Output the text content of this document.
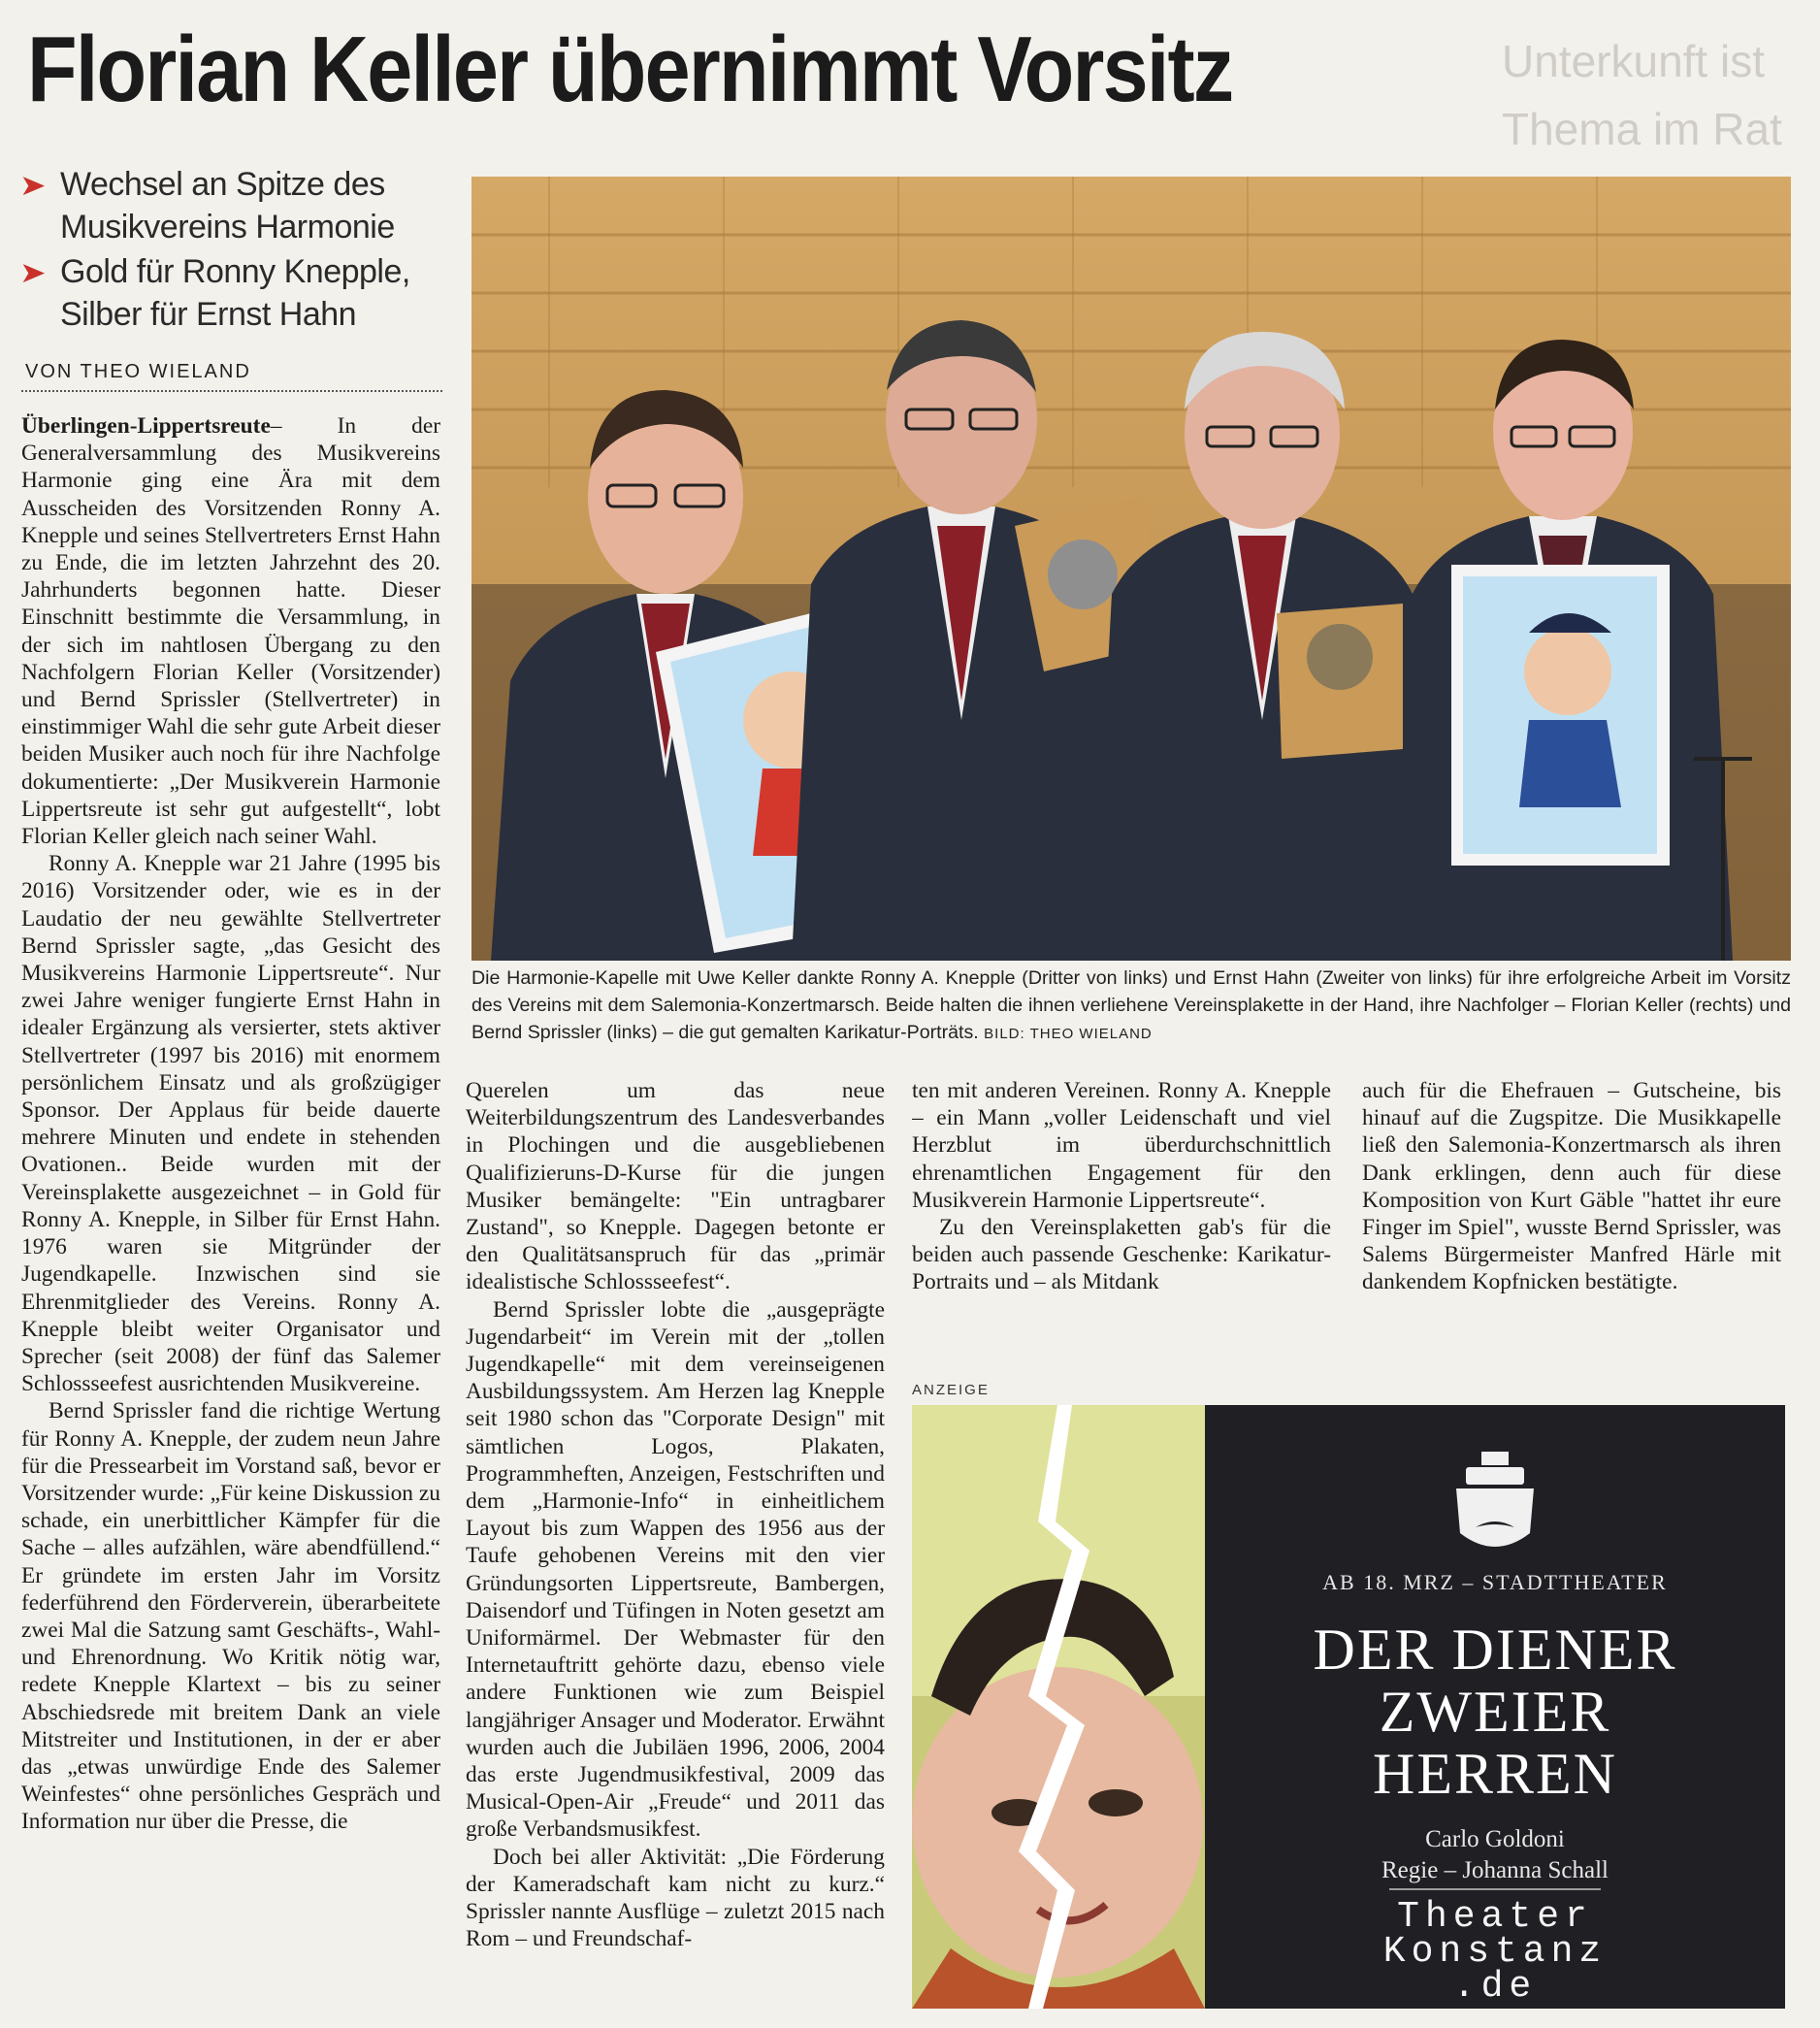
Unterkunft ist
Thema im Rat
Florian Keller übernimmt Vorsitz
➤ Wechsel an Spitze des Musikvereins Harmonie
➤ Gold für Ronny Knepple, Silber für Ernst Hahn
VON THEO WIELAND

Überlingen-Lippertsreute– In der Generalversammlung des Musikvereins Harmonie ging eine Ära mit dem Ausscheiden des Vorsitzenden Ronny A. Knepple und seines Stellvertreters Ernst Hahn zu Ende, die im letzten Jahrzehnt des 20. Jahrhunderts begonnen hatte. Dieser Einschnitt bestimmte die Versammlung, in der sich im nahtlosen Übergang zu den Nachfolgern Florian Keller (Vorsitzender) und Bernd Sprissler (Stellvertreter) in einstimmiger Wahl die sehr gute Arbeit dieser beiden Musiker auch noch für ihre Nachfolge dokumentierte: „Der Musikverein Harmonie Lippertsreute ist sehr gut aufgestellt“, lobt Florian Keller gleich nach seiner Wahl.

Ronny A. Knepple war 21 Jahre (1995 bis 2016) Vorsitzender oder, wie es in der Laudatio der neu gewählte Stellvertreter Bernd Sprissler sagte, „das Gesicht des Musikvereins Harmonie Lippertsreute“. Nur zwei Jahre weniger fungierte Ernst Hahn in idealer Ergänzung als versierter, stets aktiver Stellvertreter (1997 bis 2016) mit enormem persönlichem Einsatz und als großzügiger Sponsor. Der Applaus für beide dauerte mehrere Minuten und endete in stehenden Ovationen.. Beide wurden mit der Vereinsplakette ausgezeichnet – in Gold für Ronny A. Knepple, in Silber für Ernst Hahn. 1976 waren sie Mitgründer der Jugendkapelle. Inzwischen sind sie Ehrenmitglieder des Vereins. Ronny A. Knepple bleibt weiter Organisator und Sprecher (seit 2008) der fünf das Salemer Schlossseefest ausrichtenden Musikvereine.

Bernd Sprissler fand die richtige Wertung für Ronny A. Knepple, der zudem neun Jahre für die Pressearbeit im Vorstand saß, bevor er Vorsitzender wurde: „Für keine Diskussion zu schade, ein unerbittlicher Kämpfer für die Sache – alles aufzählen, wäre abendfüllend.“ Er gründete im ersten Jahr im Vorsitz federführend den Förderverein, überarbeitete zwei Mal die Satzung samt Geschäfts-, Wahl- und Ehrenordnung. Wo Kritik nötig war, redete Knepple Klartext – bis zu seiner Abschiedsrede mit breitem Dank an viele Mitstreiter und Institutionen, in der er aber das „etwas unwürdige Ende des Salemer Weinfestes“ ohne persönliches Gespräch und Information nur über die Presse, die

Die Harmonie-Kapelle mit Uwe Keller dankte Ronny A. Knepple (Dritter von links) und Ernst Hahn (Zweiter von links) für ihre erfolgreiche Arbeit im Vorsitz des Vereins mit dem Salemonia-Konzertmarsch. Beide halten die ihnen verliehene Vereinsplakette in der Hand, ihre Nachfolger – Florian Keller (rechts) und Bernd Sprissler (links) – die gut gemalten Karikatur-Porträts. BILD: THEO WIELAND

Querelen um das neue Weiterbildungszentrum des Landesverbandes in Plochingen und die ausgebliebenen Qualifizieruns-D-Kurse für die jungen Musiker bemängelte: "Ein untragbarer Zustand", so Knepple. Dagegen betonte er den Qualitätsanspruch für das „primär idealistische Schlossseefest“.

Bernd Sprissler lobte die „ausgeprägte Jugendarbeit“ im Verein mit der „tollen Jugendkapelle“ mit dem vereinseigenen Ausbildungssystem. Am Herzen lag Knepple seit 1980 schon das "Corporate Design" mit sämtlichen Logos, Plakaten, Programmheften, Anzeigen, Festschriften und dem „Harmonie-Info“ in einheitlichem Layout bis zum Wappen des 1956 aus der Taufe gehobenen Vereins mit den vier Gründungsorten Lippertsreute, Bambergen, Daisendorf und Tüfingen in Noten gesetzt am Uniformärmel. Der Webmaster für den Internetauftritt gehörte dazu, ebenso viele andere Funktionen wie zum Beispiel langjähriger Ansager und Moderator. Erwähnt wurden auch die Jubiläen 1996, 2006, 2004 das erste Jugendmusikfestival, 2009 das Musical-Open-Air „Freude“ und 2011 das große Verbandsmusikfest.

Doch bei aller Aktivität: „Die Förderung der Kameradschaft kam nicht zu kurz.“ Sprissler nannte Ausflüge – zuletzt 2015 nach Rom – und Freundschaf-

ten mit anderen Vereinen. Ronny A. Knepple – ein Mann „voller Leidenschaft und viel Herzblut im überdurchschnittlich ehrenamtlichen Engagement für den Musikverein Harmonie Lippertsreute“.

Zu den Vereinsplaketten gab's für die beiden auch passende Geschenke: Karikatur-Portraits und – als Mitdank

auch für die Ehefrauen – Gutscheine, bis hinauf auf die Zugspitze. Die Musikkapelle ließ den Salemonia-Konzertmarsch als ihren Dank erklingen, denn auch für diese Komposition von Kurt Gäble "hattet ihr eure Finger im Spiel", wusste Bernd Sprissler, was Salems Bürgermeister Manfred Härle mit dankendem Kopfnicken bestätigte.

ANZEIGE
AB 18. MRZ – STADTTHEATER
DER DIENER
ZWEIER
HERREN
Carlo Goldoni
Regie – Johanna Schall
Theater
Konstanz
.de
